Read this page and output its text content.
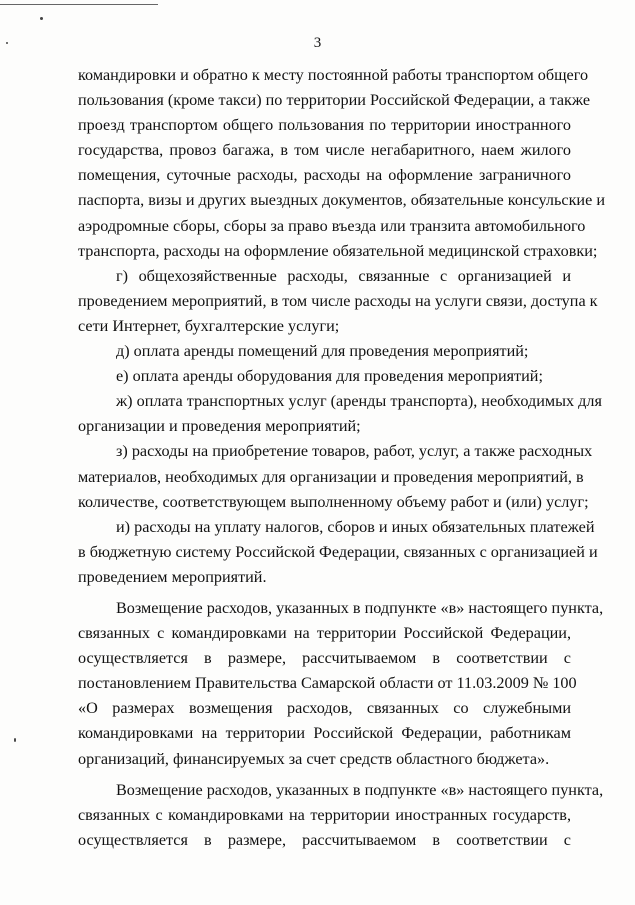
3
командировки и обратно к месту постоянной работы транспортом общего
пользования (кроме такси) по территории Российской Федерации, а также
проезд транспортом общего пользования по территории иностранного
государства, провоз багажа, в том числе негабаритного, наем жилого
помещения, суточные расходы, расходы на оформление заграничного
паспорта, визы и других выездных документов, обязательные консульские и
аэродромные сборы, сборы за право въезда или транзита автомобильного
транспорта, расходы на оформление обязательной медицинской страховки;
г) общехозяйственные расходы, связанные с организацией и
проведением мероприятий, в том числе расходы на услуги связи, доступа к
сети Интернет, бухгалтерские услуги;
д) оплата аренды помещений для проведения мероприятий;
е) оплата аренды оборудования для проведения мероприятий;
ж) оплата транспортных услуг (аренды транспорта), необходимых для
организации и проведения мероприятий;
з) расходы на приобретение товаров, работ, услуг, а также расходных
материалов, необходимых для организации и проведения мероприятий, в
количестве, соответствующем выполненному объему работ и (или) услуг;
и) расходы на уплату налогов, сборов и иных обязательных платежей
в бюджетную систему Российской Федерации, связанных с организацией и
проведением мероприятий.
Возмещение расходов, указанных в подпункте «в» настоящего пункта,
связанных с командировками на территории Российской Федерации,
осуществляется в размере, рассчитываемом в соответствии с
постановлением Правительства Самарской области от 11.03.2009 № 100
«О размерах возмещения расходов, связанных со служебными
командировками на территории Российской Федерации, работникам
организаций, финансируемых за счет средств областного бюджета».
Возмещение расходов, указанных в подпункте «в» настоящего пункта,
связанных с командировками на территории иностранных государств,
осуществляется в размере, рассчитываемом в соответствии с
